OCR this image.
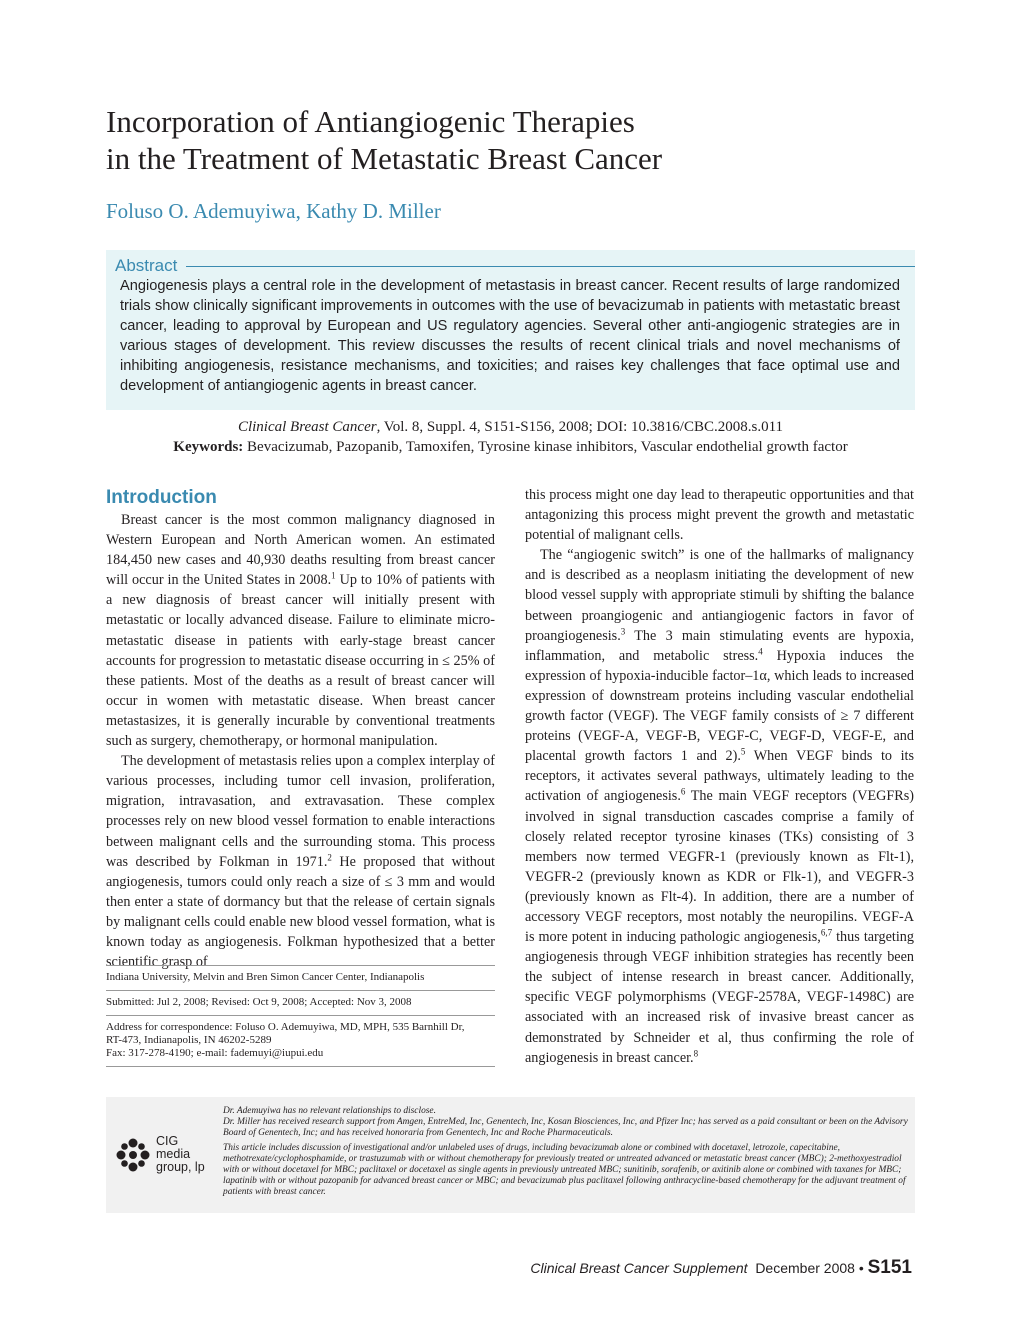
Incorporation of Antiangiogenic Therapies
in the Treatment of Metastatic Breast Cancer
Foluso O. Ademuyiwa, Kathy D. Miller
Abstract
Angiogenesis plays a central role in the development of metastasis in breast cancer. Recent results of large randomized trials show clinically significant improvements in outcomes with the use of bevacizumab in patients with metastatic breast cancer, leading to approval by European and US regulatory agencies. Several other anti-angiogenic strategies are in various stages of development. This review discusses the results of recent clinical trials and novel mechanisms of inhibiting angiogenesis, resistance mechanisms, and toxicities; and raises key challenges that face optimal use and development of antiangiogenic agents in breast cancer.
Clinical Breast Cancer, Vol. 8, Suppl. 4, S151-S156, 2008; DOI: 10.3816/CBC.2008.s.011
Keywords: Bevacizumab, Pazopanib, Tamoxifen, Tyrosine kinase inhibitors, Vascular endothelial growth factor
Introduction

Breast cancer is the most common malignancy diagnosed in Western European and North American women. An estimated 184,450 new cases and 40,930 deaths resulting from breast cancer will occur in the United States in 2008.$^1$ Up to 10% of patients with a new diagnosis of breast cancer will initially present with metastatic or locally advanced disease. Failure to eliminate micro-metastatic disease in patients with early-stage breast cancer accounts for progression to metastatic disease occurring in ≤ 25% of these patients. Most of the deaths as a result of breast cancer will occur in women with metastatic disease. When breast cancer metastasizes, it is generally incurable by conventional treatments such as surgery, chemotherapy, or hormonal manipulation.

The development of metastasis relies upon a complex interplay of various processes, including tumor cell invasion, proliferation, migration, intravasation, and extravasation. These complex processes rely on new blood vessel formation to enable interactions between malignant cells and the surrounding stoma. This process was described by Folkman in 1971.$^2$ He proposed that without angiogenesis, tumors could only reach a size of ≤ 3 mm and would then enter a state of dormancy but that the release of certain signals by malignant cells could enable new blood vessel formation, what is known today as angiogenesis. Folkman hypothesized that a better scientific grasp of

Indiana University, Melvin and Bren Simon Cancer Center, Indianapolis
Submitted: Jul 2, 2008; Revised: Oct 9, 2008; Accepted: Nov 3, 2008
Address for correspondence: Foluso O. Ademuyiwa, MD, MPH, 535 Barnhill Dr,
RT-473, Indianapolis, IN 46202-5289
Fax: 317-278-4190; e-mail: fademuyi@iupui.edu

this process might one day lead to therapeutic opportunities and that antagonizing this process might prevent the growth and metastatic potential of malignant cells.

The “angiogenic switch” is one of the hallmarks of malignancy and is described as a neoplasm initiating the development of new blood vessel supply with appropriate stimuli by shifting the balance between proangiogenic and antiangiogenic factors in favor of proangiogenesis.$^3$ The 3 main stimulating events are hypoxia, inflammation, and metabolic stress.$^4$ Hypoxia induces the expression of hypoxia-inducible factor–1α, which leads to increased expression of downstream proteins including vascular endothelial growth factor (VEGF). The VEGF family consists of ≥ 7 different proteins (VEGF-A, VEGF-B, VEGF-C, VEGF-D, VEGF-E, and placental growth factors 1 and 2).$^5$ When VEGF binds to its receptors, it activates several pathways, ultimately leading to the activation of angiogenesis.$^6$ The main VEGF receptors (VEGFRs) involved in signal transduction cascades comprise a family of closely related receptor tyrosine kinases (TKs) consisting of 3 members now termed VEGFR-1 (previously known as Flt-1), VEGFR-2 (previously known as KDR or Flk-1), and VEGFR-3 (previously known as Flt-4). In addition, there are a number of accessory VEGF receptors, most notably the neuropilins. VEGF-A is more potent in inducing pathologic angiogenesis,$^{6,7}$ thus targeting angiogenesis through VEGF inhibition strategies has recently been the subject of intense research in breast cancer. Additionally, specific VEGF polymorphisms (VEGF-2578A, VEGF-1498C) are associated with an increased risk of invasive breast cancer as demonstrated by Schneider et al, thus confirming the role of angiogenesis in breast cancer.$^8$

CIG
media
group, lp

Dr. Ademuyiwa has no relevant relationships to disclose.

Dr. Miller has received research support from Amgen, EntreMed, Inc, Genentech, Inc, Kosan Biosciences, Inc, and Pfizer Inc; has served as a paid consultant or been on the Advisory Board of Genentech, Inc; and has received honoraria from Genentech, Inc and Roche Pharmaceuticals.

This article includes discussion of investigational and/or unlabeled uses of drugs, including bevacizumab alone or combined with docetaxel, letrozole, capecitabine, methotrexate/cyclophosphamide, or trastuzumab with or without chemotherapy for previously treated or untreated advanced or metastatic breast cancer (MBC); 2-methoxyestradiol with or without docetaxel for MBC; paclitaxel or docetaxel as single agents in previously untreated MBC; sunitinib, sorafenib, or axitinib alone or combined with taxanes for MBC; lapatinib with or without pazopanib for advanced breast cancer or MBC; and bevacizumab plus paclitaxel following anthracycline-based chemotherapy for the adjuvant treatment of patients with breast cancer.

Clinical Breast Cancer Supplement December 2008 • S151
